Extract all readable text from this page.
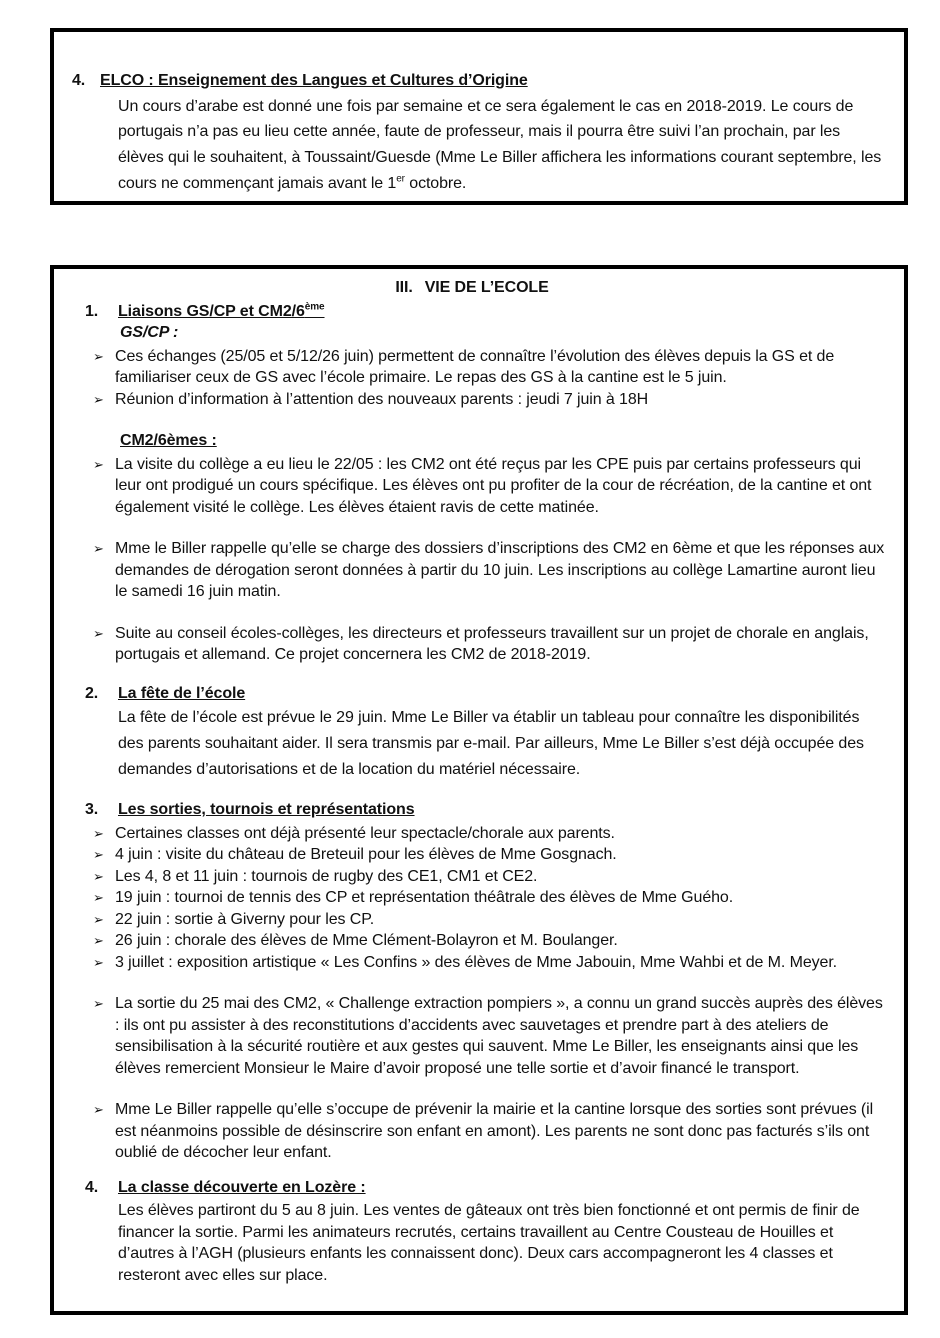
4. ELCO : Enseignement des Langues et Cultures d’Origine

Un cours d’arabe est donné une fois par semaine et ce sera également le cas en 2018-2019. Le cours de portugais n’a pas eu lieu cette année, faute de professeur, mais il pourra être suivi l’an prochain, par les élèves qui le souhaitent, à Toussaint/Guesde (Mme Le Biller affichera les informations courant septembre, les cours ne commençant jamais avant le 1er octobre.

III. VIE DE L’ECOLE
1.	Liaisons GS/CP et CM2/6ème
GS/CP :
➢ Ces échanges (25/05 et 5/12/26 juin) permettent de connaître l’évolution des élèves depuis la GS et de familiariser ceux de GS avec l’école primaire. Le repas des GS à la cantine est le 5 juin.
➢ Réunion d’information à l’attention des nouveaux parents : jeudi 7 juin à 18H
CM2/6èmes :
➢ La visite du collège a eu lieu le 22/05 : les CM2 ont été reçus par les CPE puis par certains professeurs qui leur ont prodigué un cours spécifique. Les élèves ont pu profiter de la cour de récréation, de la cantine et ont également visité le collège. Les élèves étaient ravis de cette matinée.
➢ Mme le Biller rappelle qu’elle se charge des dossiers d’inscriptions des CM2 en 6ème et que les réponses aux demandes de dérogation seront données à partir du 10 juin. Les inscriptions au collège Lamartine auront lieu le samedi 16 juin matin.
➢ Suite au conseil écoles-collèges, les directeurs et professeurs travaillent sur un projet de chorale en anglais, portugais et allemand. Ce projet concernera les CM2 de 2018-2019.
2.	La fête de l’école

La fête de l’école est prévue le 29 juin. Mme Le Biller va établir un tableau pour connaître les disponibilités des parents souhaitant aider. Il sera transmis par e-mail. Par ailleurs, Mme Le Biller s’est déjà occupée des demandes d’autorisations et de la location du matériel nécessaire.

3.	Les sorties, tournois et représentations
➢ Certaines classes ont déjà présenté leur spectacle/chorale aux parents.
➢ 4 juin : visite du château de Breteuil pour les élèves de Mme Gosgnach.
➢ Les 4, 8 et 11 juin : tournois de rugby des CE1, CM1 et CE2.
➢ 19 juin : tournoi de tennis des CP et représentation théâtrale des élèves de Mme Guého.
➢ 22 juin : sortie à Giverny pour les CP.
➢ 26 juin : chorale des élèves de Mme Clément-Bolayron et M. Boulanger.
➢ 3 juillet : exposition artistique « Les Confins » des élèves de Mme Jabouin, Mme Wahbi et de M. Meyer.
➢ La sortie du 25 mai des CM2, « Challenge extraction pompiers », a connu un grand succès auprès des élèves : ils ont pu assister à des reconstitutions d’accidents avec sauvetages et prendre part à des ateliers de sensibilisation à la sécurité routière et aux gestes qui sauvent. Mme Le Biller, les enseignants ainsi que les élèves remercient Monsieur le Maire d’avoir proposé une telle sortie et d’avoir financé le transport.
➢ Mme Le Biller rappelle qu’elle s’occupe de prévenir la mairie et la cantine lorsque des sorties sont prévues (il est néanmoins possible de désinscrire son enfant en amont). Les parents ne sont donc pas facturés s’ils ont oublié de décocher leur enfant.
4.	La classe découverte en Lozère :

Les élèves partiront du 5 au 8 juin. Les ventes de gâteaux ont très bien fonctionné et ont permis de finir de financer la sortie. Parmi les animateurs recrutés, certains travaillent au Centre Cousteau de Houilles et d’autres à l’AGH (plusieurs enfants les connaissent donc). Deux cars accompagneront les 4 classes et resteront avec elles sur place.
